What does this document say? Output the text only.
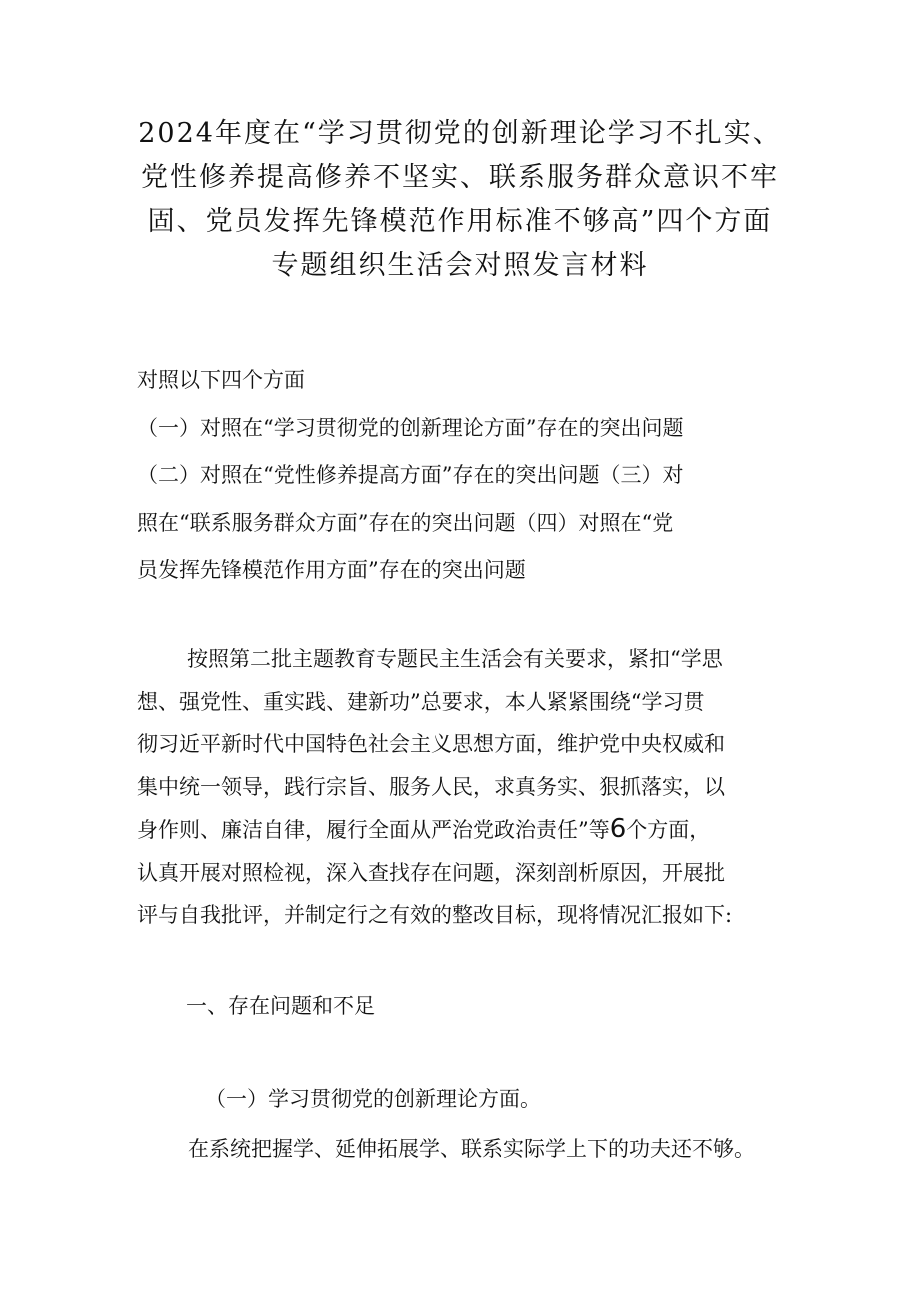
2024年度在“学习贯彻党的创新理论学习不扎实、
党性修养提高修养不坚实、联系服务群众意识不牢
固、党员发挥先锋模范作用标准不够高”四个方面
专题组织生活会对照发言材料
对照以下四个方面
（一）对照在“学习贯彻党的创新理论方面”存在的突出问题
（二）对照在“党性修养提高方面”存在的突出问题（三）对
照在“联系服务群众方面”存在的突出问题（四）对照在“党
员发挥先锋模范作用方面”存在的突出问题
按照第二批主题教育专题民主生活会有关要求，紧扣“学思
想、强党性、重实践、建新功”总要求，本人紧紧围绕“学习贯
彻习近平新时代中国特色社会主义思想方面，维护党中央权威和
集中统一领导，践行宗旨、服务人民，求真务实、狠抓落实，以
身作则、廉洁自律，履行全面从严治党政治责任”等6个方面，
认真开展对照检视，深入查找存在问题，深刻剖析原因，开展批
评与自我批评，并制定行之有效的整改目标，现将情况汇报如下:
一、存在问题和不足
（一）学习贯彻党的创新理论方面。
在系统把握学、延伸拓展学、联系实际学上下的功夫还不够。
